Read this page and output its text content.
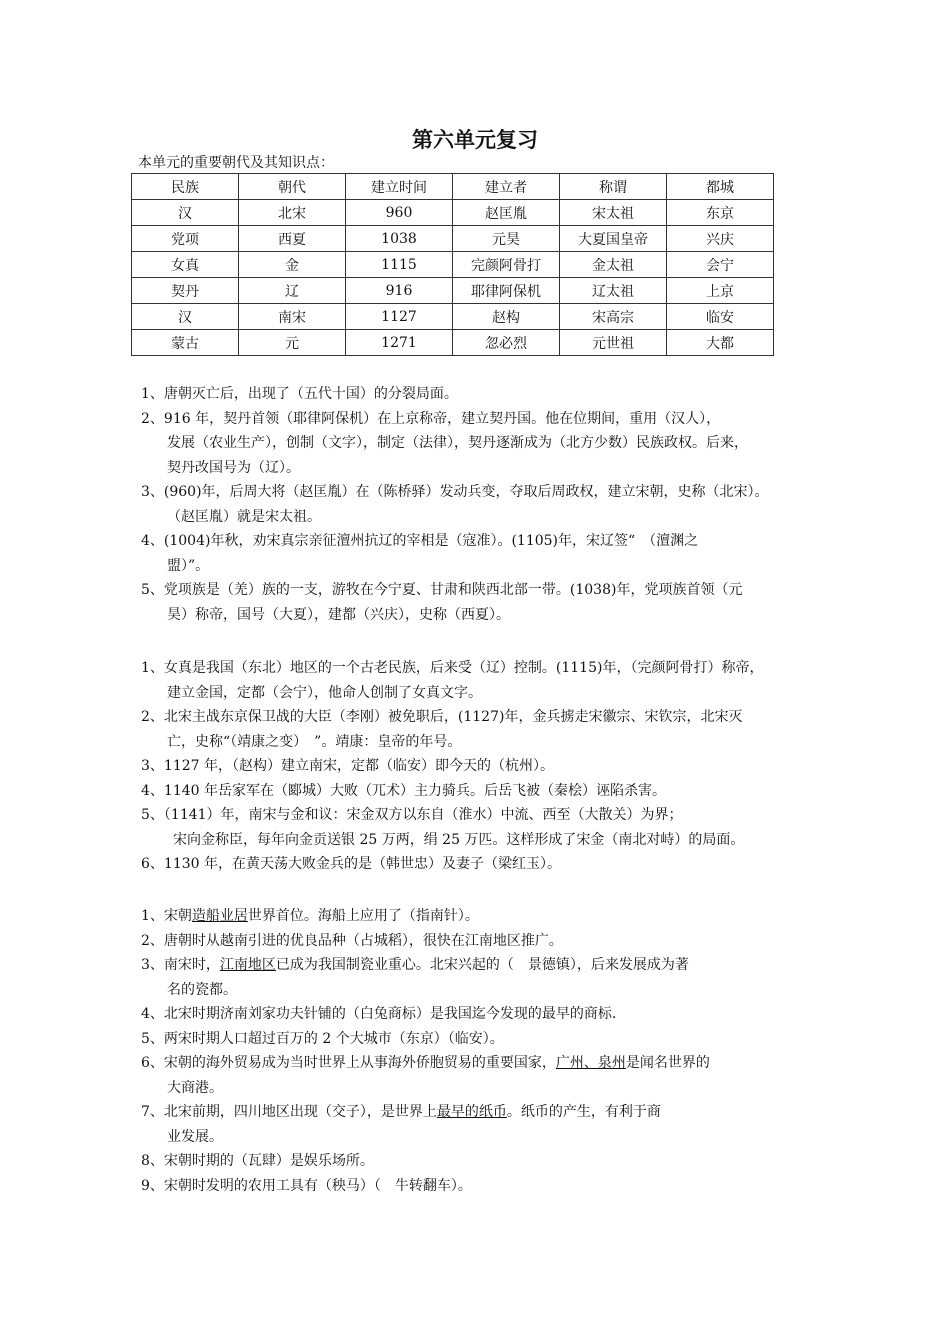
第六单元复习
本单元的重要朝代及其知识点：
民族	朝代	建立时间	建立者	称谓	都城
汉	北宋	960	赵匡胤	宋太祖	东京
党项	西夏	1038	元昊	大夏国皇帝	兴庆
女真	金	1115	完颜阿骨打	金太祖	会宁
契丹	辽	916	耶律阿保机	辽太祖	上京
汉	南宋	1127	赵构	宋高宗	临安
蒙古	元	1271	忽必烈	元世祖	大都
1、唐朝灭亡后，出现了（五代十国）的分裂局面。
2、916 年，契丹首领（耶律阿保机）在上京称帝，建立契丹国。他在位期间，重用（汉人），
发展（农业生产），创制（文字），制定（法律），契丹逐渐成为（北方少数）民族政权。后来，
契丹改国号为（辽）。
3、(960)年，后周大将（赵匡胤）在（陈桥驿）发动兵变，夺取后周政权，建立宋朝，史称（北宋）。
（赵匡胤）就是宋太祖。
4、(1004)年秋，劝宋真宗亲征澶州抗辽的宰相是（寇准）。(1105)年，宋辽签“　（澶渊之
盟）”。
5、党项族是（羌）族的一支，游牧在今宁夏、甘肃和陕西北部一带。(1038)年，党项族首领（元
昊）称帝，国号（大夏），建都（兴庆），史称（西夏）。
1、女真是我国（东北）地区的一个古老民族，后来受（辽）控制。(1115)年，（完颜阿骨打）称帝，
建立金国，定都（会宁），他命人创制了女真文字。
2、北宋主战东京保卫战的大臣（李刚）被免职后，(1127)年，金兵掳走宋徽宗、宋钦宗，北宋灭
亡，史称“（靖康之变）　”。靖康：皇帝的年号。
3、1127 年，（赵构）建立南宋，定都（临安）即今天的（杭州）。
4、1140 年岳家军在（郾城）大败（兀术）主力骑兵。后岳飞被（秦桧）诬陷杀害。
5、（1141）年，南宋与金和议：宋金双方以东自（淮水）中流、西至（大散关）为界；
宋向金称臣，每年向金贡送银 25 万两，绢 25 万匹。这样形成了宋金（南北对峙）的局面。
6、1130 年，在黄天荡大败金兵的是（韩世忠）及妻子（梁红玉）。
1、宋朝造船业居世界首位。海船上应用了（指南针）。
2、唐朝时从越南引进的优良品种（占城稻），很快在江南地区推广。
3、南宋时，江南地区已成为我国制瓷业重心。北宋兴起的（　景德镇），后来发展成为著
名的瓷都。
4、北宋时期济南刘家功夫针铺的（白兔商标）是我国迄今发现的最早的商标.
5、两宋时期人口超过百万的 2 个大城市（东京）（临安）。
6、宋朝的海外贸易成为当时世界上从事海外侨胞贸易的重要国家，广州、泉州是闻名世界的
大商港。
7、北宋前期，四川地区出现（交子），是世界上最早的纸币。纸币的产生，有利于商
业发展。
8、宋朝时期的（瓦肆）是娱乐场所。
9、宋朝时发明的农用工具有（秧马）（　牛转翻车）。
